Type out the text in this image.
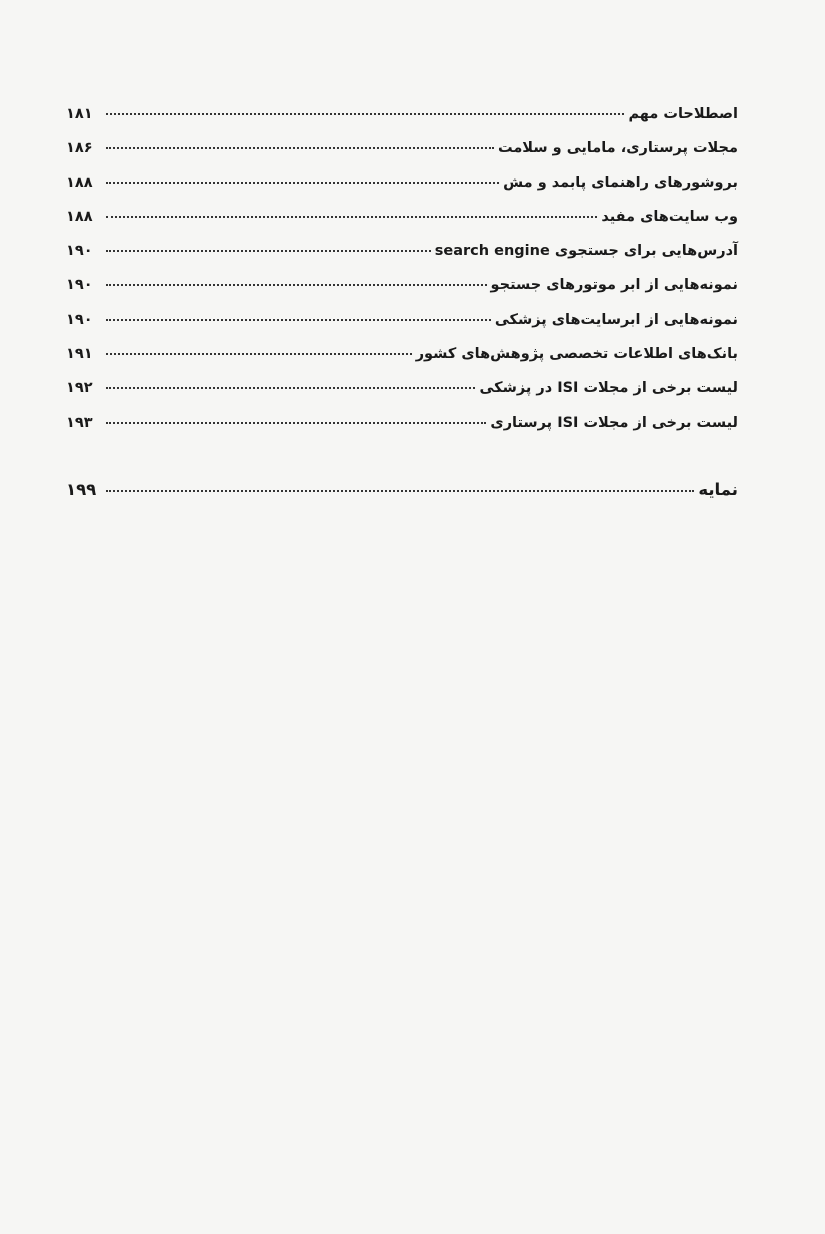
اصطلاحات مهم
۱۸۱
مجلات پرستاری، مامایی و سلامت
۱۸۶
بروشورهای راهنمای پابمد و مش
۱۸۸
وب سایت‌های مفید
۱۸۸
آدرس‌هایی برای جستجوی search engine
۱۹۰
نمونه‌هایی از ابر موتورهای جستجو
۱۹۰
نمونه‌هایی از ابرسایت‌های پزشکی
۱۹۰
بانک‌های اطلاعات تخصصی پژوهش‌های کشور
۱۹۱
لیست برخی از مجلات ISI در پزشکی
۱۹۲
لیست برخی از مجلات ISI پرستاری
۱۹۳
نمایه
۱۹۹
